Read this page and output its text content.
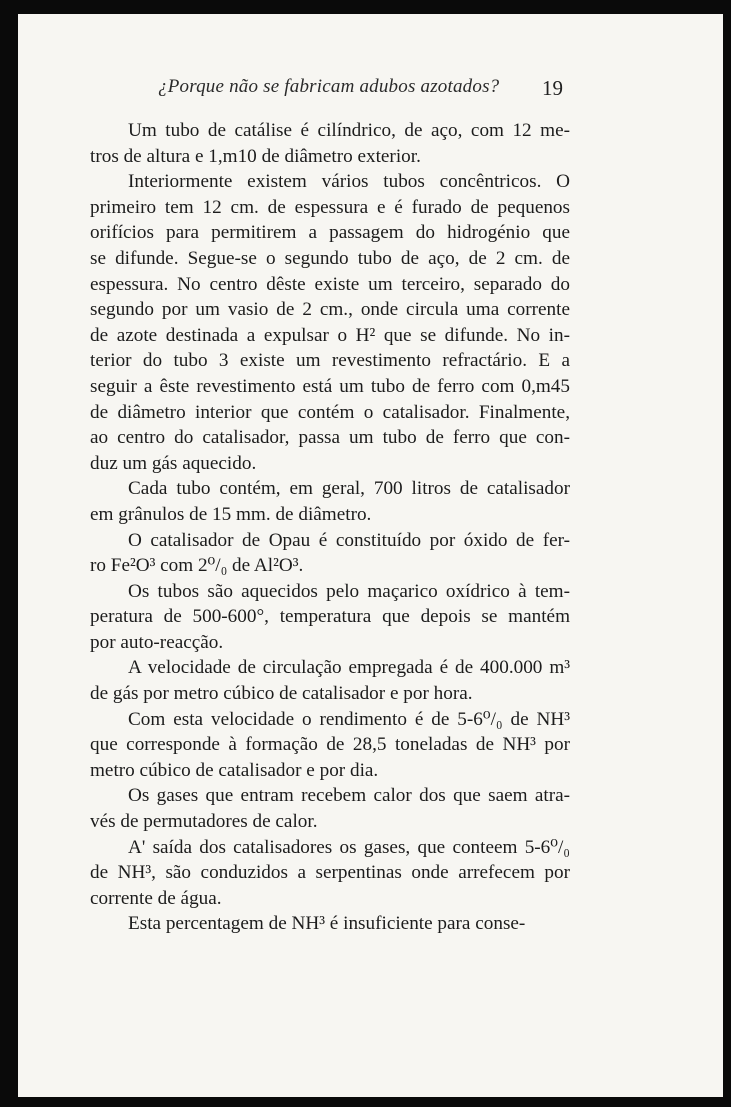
¿Porque não se fabricam adubos azotados? 19
Um tubo de catálise é cilíndrico, de aço, com 12 me-
tros de altura e 1,m10 de diâmetro exterior.
Interiormente existem vários tubos concêntricos. O
primeiro tem 12 cm. de espessura e é furado de pequenos
orifícios para permitirem a passagem do hidrogénio que
se difunde. Segue-se o segundo tubo de aço, de 2 cm. de
espessura. No centro dêste existe um terceiro, separado do
segundo por um vasio de 2 cm., onde circula uma corrente
de azote destinada a expulsar o H² que se difunde. No in-
terior do tubo 3 existe um revestimento refractário. E a
seguir a êste revestimento está um tubo de ferro com 0,m45
de diâmetro interior que contém o catalisador. Finalmente,
ao centro do catalisador, passa um tubo de ferro que con-
duz um gás aquecido.
Cada tubo contém, em geral, 700 litros de catalisador
em grânulos de 15 mm. de diâmetro.
O catalisador de Opau é constituído por óxido de fer-
ro Fe²O³ com 2⁰/₀ de Al²O³.
Os tubos são aquecidos pelo maçarico oxídrico à tem-
peratura de 500-600°, temperatura que depois se mantém
por auto-reacção.
A velocidade de circulação empregada é de 400.000 m³
de gás por metro cúbico de catalisador e por hora.
Com esta velocidade o rendimento é de 5-6⁰/₀ de NH³
que corresponde à formação de 28,5 toneladas de NH³ por
metro cúbico de catalisador e por dia.
Os gases que entram recebem calor dos que saem atra-
vés de permutadores de calor.
A' saída dos catalisadores os gases, que conteem 5-6⁰/₀
de NH³, são conduzidos a serpentinas onde arrefecem por
corrente de água.
Esta percentagem de NH³ é insuficiente para conse-
